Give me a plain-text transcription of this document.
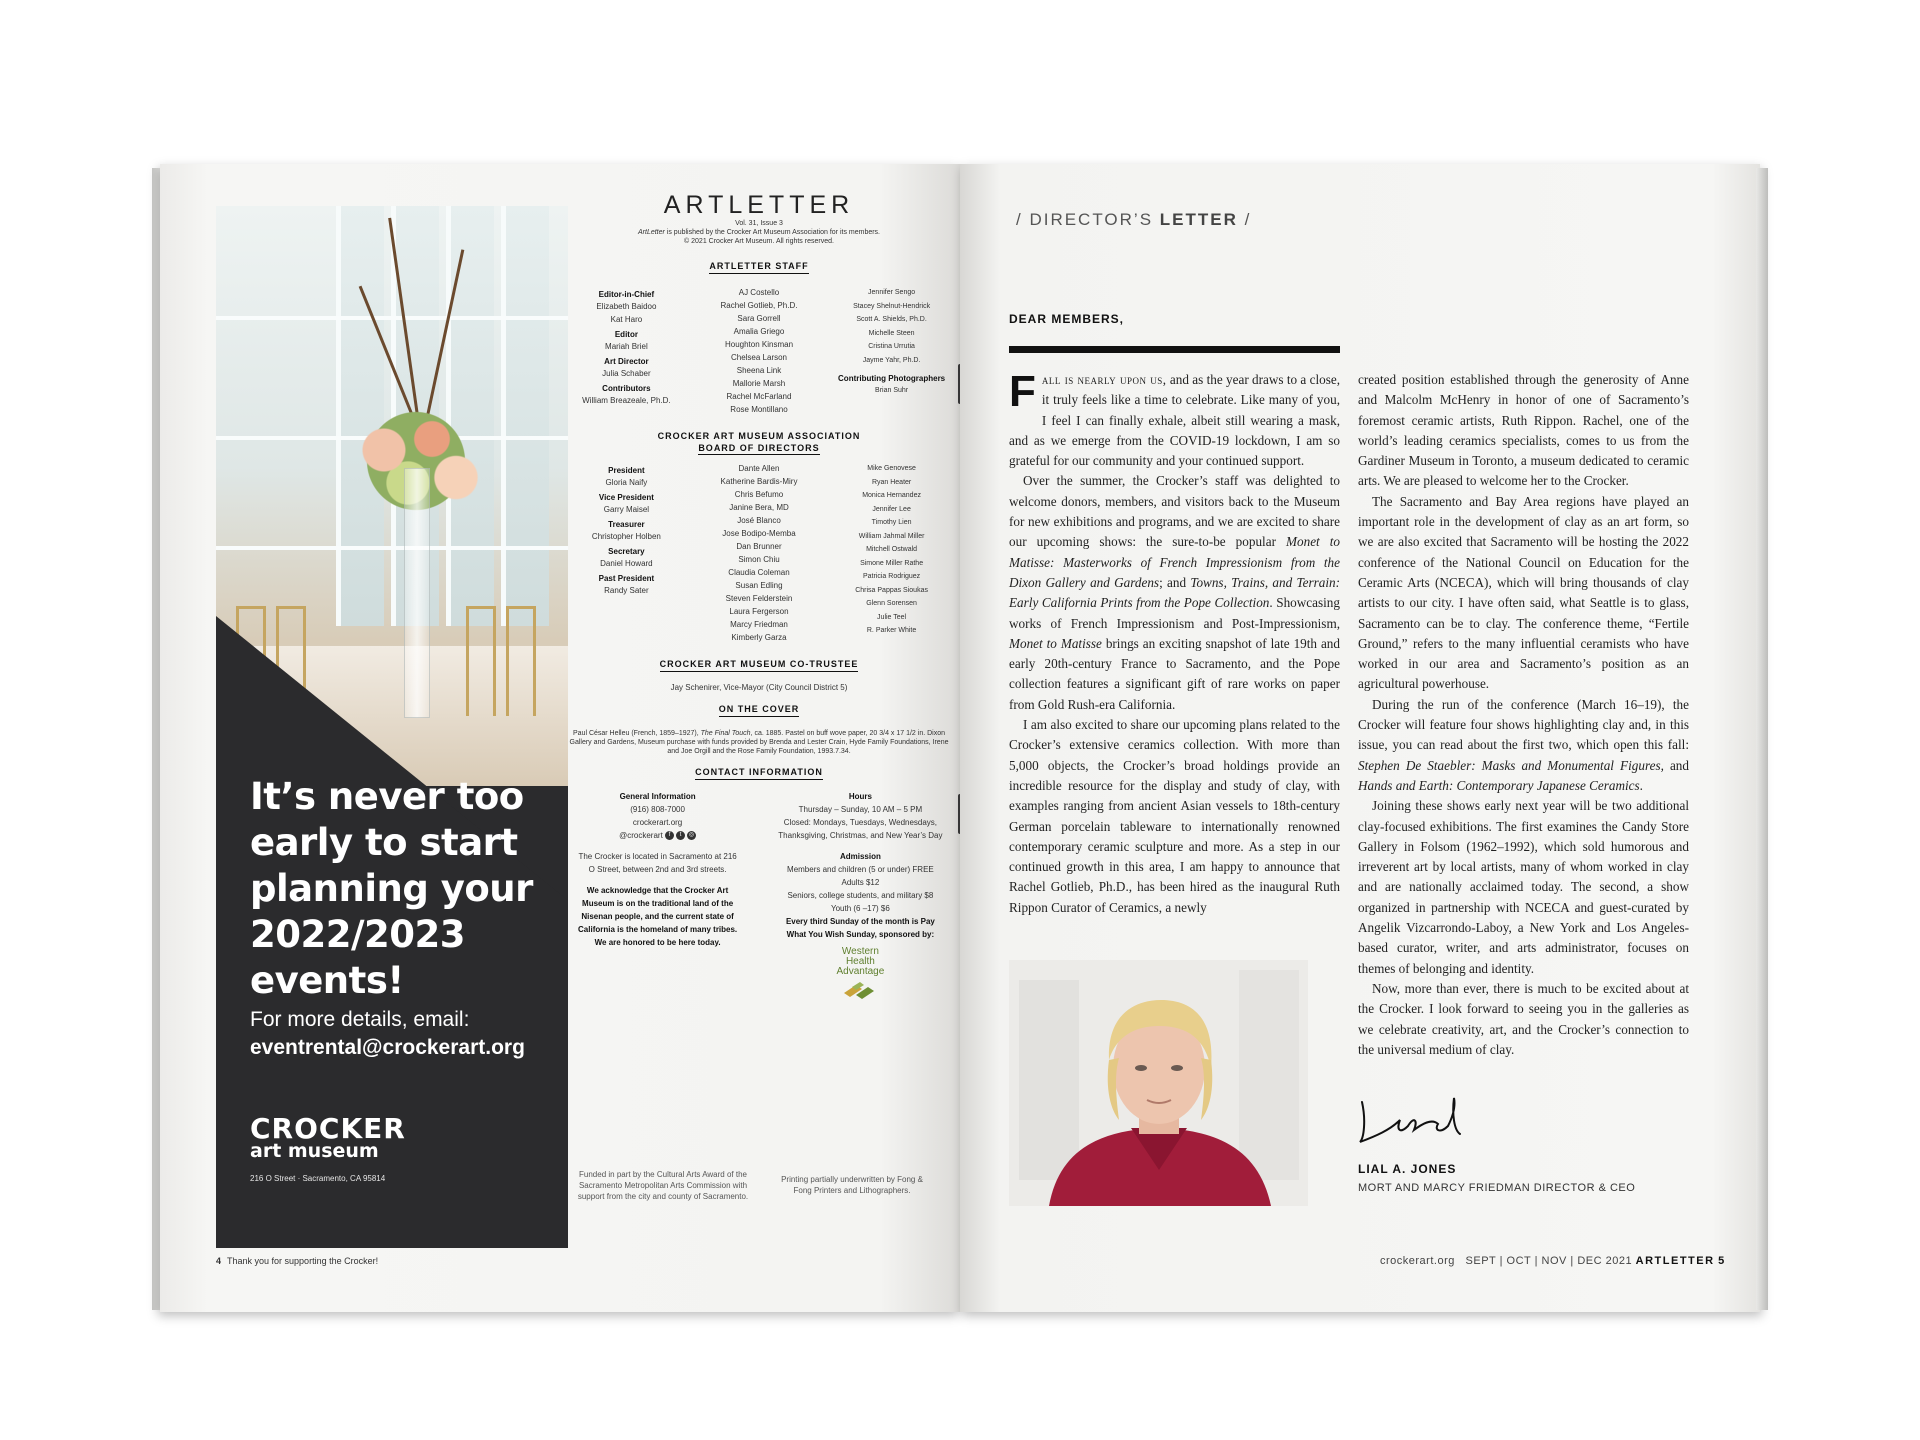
It’s never too early to start planning your 2022/2023 events!
For more details, email:
eventrental@crockerart.org
CROCKER
art museum
216 O Street · Sacramento, CA 95814
ARTLETTER
Vol. 31, Issue 3
ArtLetter is published by the Crocker Art Museum Association for its members.
© 2021 Crocker Art Museum. All rights reserved.
ARTLETTER STAFF
Editor-in-Chief
Elizabeth Baidoo
Kat Haro
Editor
Mariah Briel
Art Director
Julia Schaber
Contributors
William Breazeale, Ph.D.
AJ Costello
Rachel Gotlieb, Ph.D.
Sara Gorrell
Amalia Griego
Houghton Kinsman
Chelsea Larson
Sheena Link
Mallorie Marsh
Rachel McFarland
Rose Montillano
Jennifer Sengo
Stacey Shelnut-Hendrick
Scott A. Shields, Ph.D.
Michelle Steen
Cristina Urrutia
Jayme Yahr, Ph.D.
Contributing Photographers
Brian Suhr
CROCKER ART MUSEUM ASSOCIATION
BOARD OF DIRECTORS
President
Gloria Naify
Vice President
Garry Maisel
Treasurer
Christopher Holben
Secretary
Daniel Howard
Past President
Randy Sater
Dante Allen
Katherine Bardis-Miry
Chris Befumo
Janine Bera, MD
José Blanco
Jose Bodipo-Memba
Dan Brunner
Simon Chiu
Claudia Coleman
Susan Edling
Steven Felderstein
Laura Fergerson
Marcy Friedman
Kimberly Garza
Mike Genovese
Ryan Heater
Monica Hernandez
Jennifer Lee
Timothy Lien
William Jahmal Miller
Mitchell Ostwald
Simone Miller Rathe
Patricia Rodriguez
Chrisa Pappas Sioukas
Glenn Sorensen
Julie Teel
R. Parker White
CROCKER ART MUSEUM CO-TRUSTEE
Jay Schenirer, Vice-Mayor (City Council District 5)
ON THE COVER
Paul César Helleu (French, 1859–1927), The Final Touch, ca. 1885. Pastel on buff wove paper, 20 3/4 x 17 1/2 in. Dixon Gallery and Gardens, Museum purchase with funds provided by Brenda and Lester Crain, Hyde Family Foundations, Irene and Joe Orgill and the Rose Family Foundation, 1993.7.34.
CONTACT INFORMATION
General Information
(916) 808-7000
crockerart.org
@crockerart f	t	◎
The Crocker is located in Sacramento at 216 O Street, between 2nd and 3rd streets.
We acknowledge that the Crocker Art Museum is on the traditional land of the Nisenan people, and the current state of California is the homeland of many tribes. We are honored to be here today.
Hours
Thursday – Sunday, 10 AM – 5 PM
Closed: Mondays, Tuesdays, Wednesdays, Thanksgiving, Christmas, and New Year’s Day
Admission
Members and children (5 or under) FREE
Adults $12
Seniors, college students, and military $8
Youth (6 –17) $6
Every third Sunday of the month is Pay What You Wish Sunday, sponsored by:
Western Health Advantage
Funded in part by the Cultural Arts Award of the Sacramento Metropolitan Arts Commission with support from the city and county of Sacramento.
Printing partially underwritten by Fong & Fong Printers and Lithographers.
4 Thank you for supporting the Crocker!
/ DIRECTOR’S LETTER /
DEAR MEMBERS,

Fall is nearly upon us, and as the year draws to a close, it truly feels like a time to celebrate. Like many of you, I feel I can finally exhale, albeit still wearing a mask, and as we emerge from the COVID-19 lockdown, I am so grateful for our community and your continued support.

Over the summer, the Crocker’s staff was delighted to welcome donors, members, and visitors back to the Museum for new exhibitions and programs, and we are excited to share our upcoming shows: the sure-to-be popular Monet to Matisse: Masterworks of French Impressionism from the Dixon Gallery and Gardens; and Towns, Trains, and Terrain: Early California Prints from the Pope Collection. Showcasing works of French Impressionism and Post-Impressionism, Monet to Matisse brings an exciting snapshot of late 19th and early 20th-century France to Sacramento, and the Pope collection features a significant gift of rare works on paper from Gold Rush-era California.

I am also excited to share our upcoming plans related to the Crocker’s extensive ceramics collection. With more than 5,000 objects, the Crocker’s broad holdings provide an incredible resource for the display and study of clay, with examples ranging from ancient Asian vessels to 18th-century German porcelain tableware to internationally renowned contemporary ceramic sculpture and more. As a step in our continued growth in this area, I am happy to announce that Rachel Gotlieb, Ph.D., has been hired as the inaugural Ruth Rippon Curator of Ceramics, a newly

created position established through the generosity of Anne and Malcolm McHenry in honor of one of Sacramento’s foremost ceramic artists, Ruth Rippon. Rachel, one of the world’s leading ceramics specialists, comes to us from the Gardiner Museum in Toronto, a museum dedicated to ceramic arts. We are pleased to welcome her to the Crocker.

The Sacramento and Bay Area regions have played an important role in the development of clay as an art form, so we are also excited that Sacramento will be hosting the 2022 conference of the National Council on Education for the Ceramic Arts (NCECA), which will bring thousands of clay artists to our city. I have often said, what Seattle is to glass, Sacramento can be to clay. The conference theme, “Fertile Ground,” refers to the many influential ceramists who have worked in our area and Sacramento’s position as an agricultural powerhouse.

During the run of the conference (March 16–19), the Crocker will feature four shows highlighting clay and, in this issue, you can read about the first two, which open this fall: Stephen De Staebler: Masks and Monumental Figures, and Hands and Earth: Contemporary Japanese Ceramics.

Joining these shows early next year will be two additional clay-focused exhibitions. The first examines the Candy Store Gallery in Folsom (1962–1992), which sold humorous and irreverent art by local artists, many of whom worked in clay and are nationally acclaimed today. The second, a show organized in partnership with NCECA and guest-curated by Angelik Vizcarrondo-Laboy, a New York and Los Angeles-based curator, writer, and arts administrator, focuses on themes of belonging and identity.

Now, more than ever, there is much to be excited about at the Crocker. I look forward to seeing you in the galleries as we celebrate creativity, art, and the Crocker’s connection to the universal medium of clay.

LIAL A. JONES
MORT AND MARCY FRIEDMAN DIRECTOR & CEO
crockerart.org SEPT | OCT | NOV | DEC 2021 ARTLETTER 5
